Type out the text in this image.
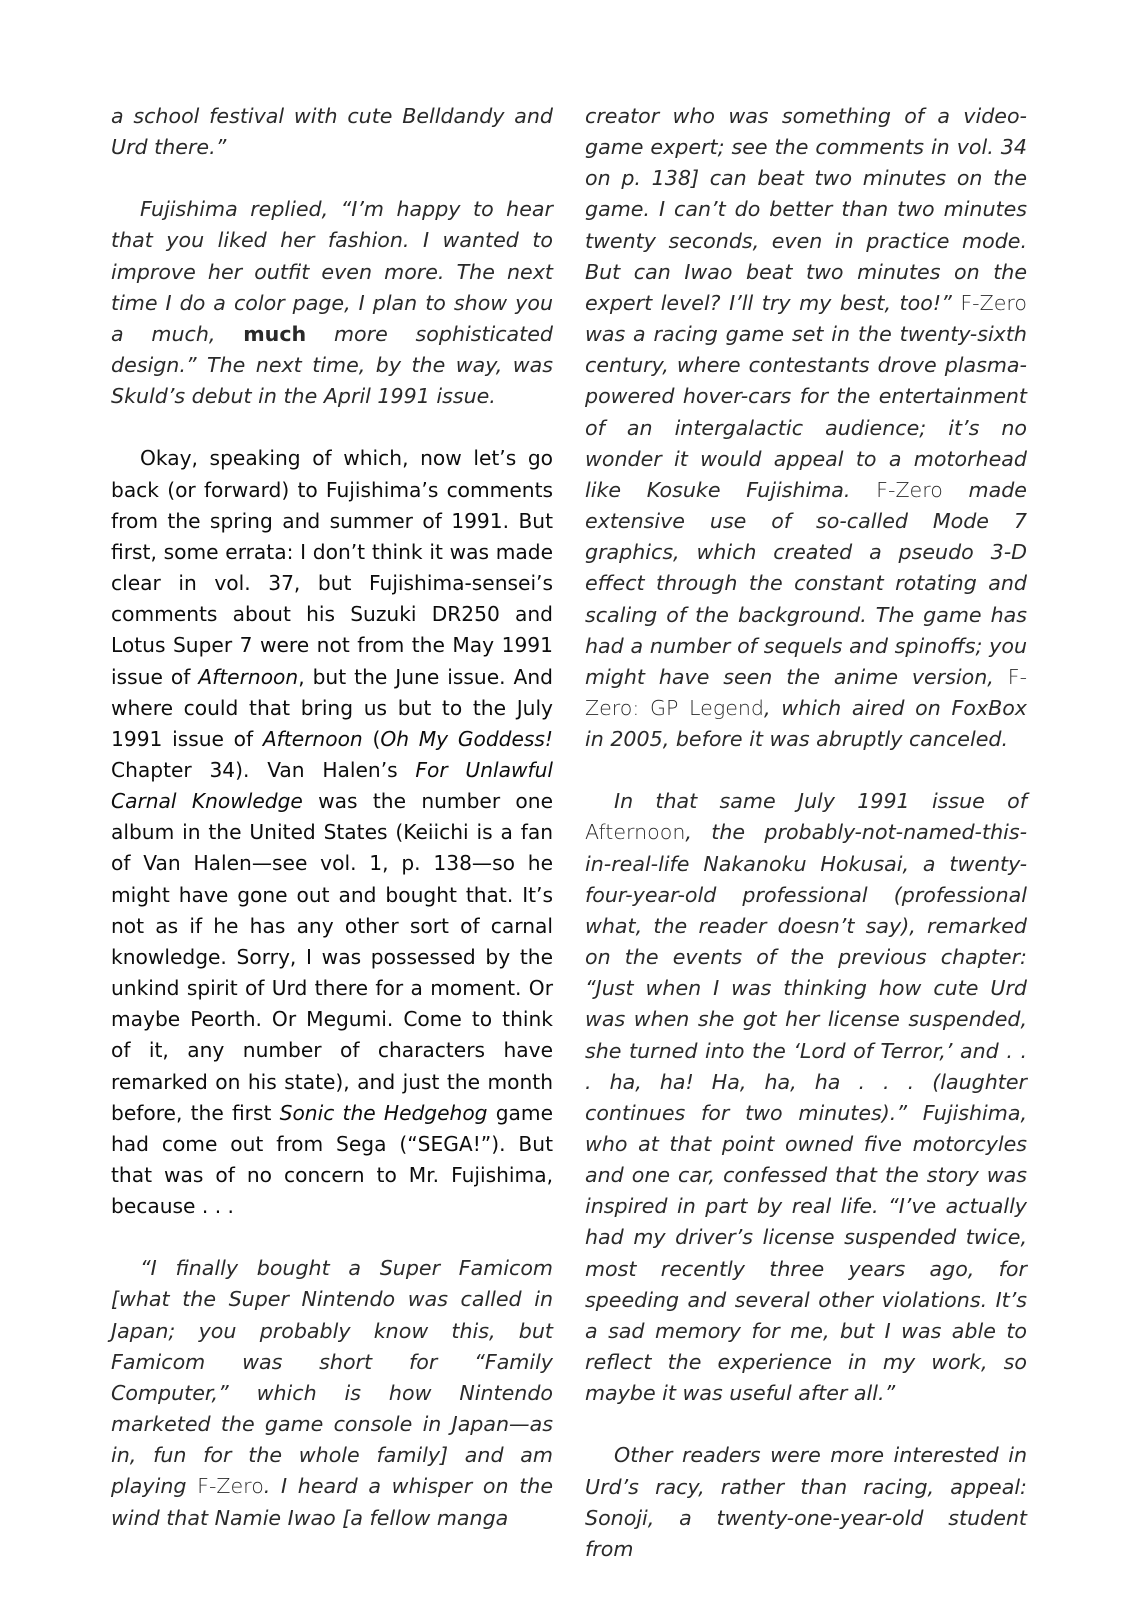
a school festival with cute Belldandy and Urd there.”

Fujishima replied, “I’m happy to hear that you liked her fashion. I wanted to improve her outfit even more. The next time I do a color page, I plan to show you a much, much more sophisticated design.” The next time, by the way, was Skuld’s debut in the April 1991 issue.

Okay, speaking of which, now let’s go back (or forward) to Fujishima’s comments from the spring and summer of 1991. But first, some errata: I don’t think it was made clear in vol. 37, but Fujishima-sensei’s comments about his Suzuki DR250 and Lotus Super 7 were not from the May 1991 issue of Afternoon, but the June issue. And where could that bring us but to the July 1991 issue of Afternoon (Oh My Goddess! Chapter 34). Van Halen’s For Unlawful Carnal Knowledge was the number one album in the United States (Keiichi is a fan of Van Halen—see vol. 1, p. 138—so he might have gone out and bought that. It’s not as if he has any other sort of carnal knowledge. Sorry, I was possessed by the unkind spirit of Urd there for a moment. Or maybe Peorth. Or Megumi. Come to think of it, any number of characters have remarked on his state), and just the month before, the first Sonic the Hedgehog game had come out from Sega (“SEGA!”). But that was of no concern to Mr. Fujishima, because . . .

“I finally bought a Super Famicom [what the Super Nintendo was called in Japan; you probably know this, but Famicom was short for “Family Computer,” which is how Nintendo marketed the game console in Japan—as in, fun for the whole family] and am playing F-Zero. I heard a whisper on the wind that Namie Iwao [a fellow manga

creator who was something of a video-game expert; see the comments in vol. 34 on p. 138] can beat two minutes on the game. I can’t do better than two minutes twenty seconds, even in practice mode. But can Iwao beat two minutes on the expert level? I’ll try my best, too!” F-Zero was a racing game set in the twenty-sixth century, where contestants drove plasma-powered hover-cars for the entertainment of an intergalactic audience; it’s no wonder it would appeal to a motorhead like Kosuke Fujishima. F-Zero made extensive use of so-called Mode 7 graphics, which created a pseudo 3-D effect through the constant rotating and scaling of the background. The game has had a number of sequels and spinoffs; you might have seen the anime version, F-Zero: GP Legend, which aired on FoxBox in 2005, before it was abruptly canceled.

In that same July 1991 issue of Afternoon, the probably-not-named-this-in-real-life Nakanoku Hokusai, a twenty-four-year-old professional (professional what, the reader doesn’t say), remarked on the events of the previous chapter: “Just when I was thinking how cute Urd was when she got her license suspended, she turned into the ‘Lord of Terror,’ and . . . ha, ha! Ha, ha, ha . . . (laughter continues for two minutes).” Fujishima, who at that point owned five motorcyles and one car, confessed that the story was inspired in part by real life. “I’ve actually had my driver’s license suspended twice, most recently three years ago, for speeding and several other violations. It’s a sad memory for me, but I was able to reflect the experience in my work, so maybe it was useful after all.”

Other readers were more interested in Urd’s racy, rather than racing, appeal: Sonoji, a twenty-one-year-old student from
